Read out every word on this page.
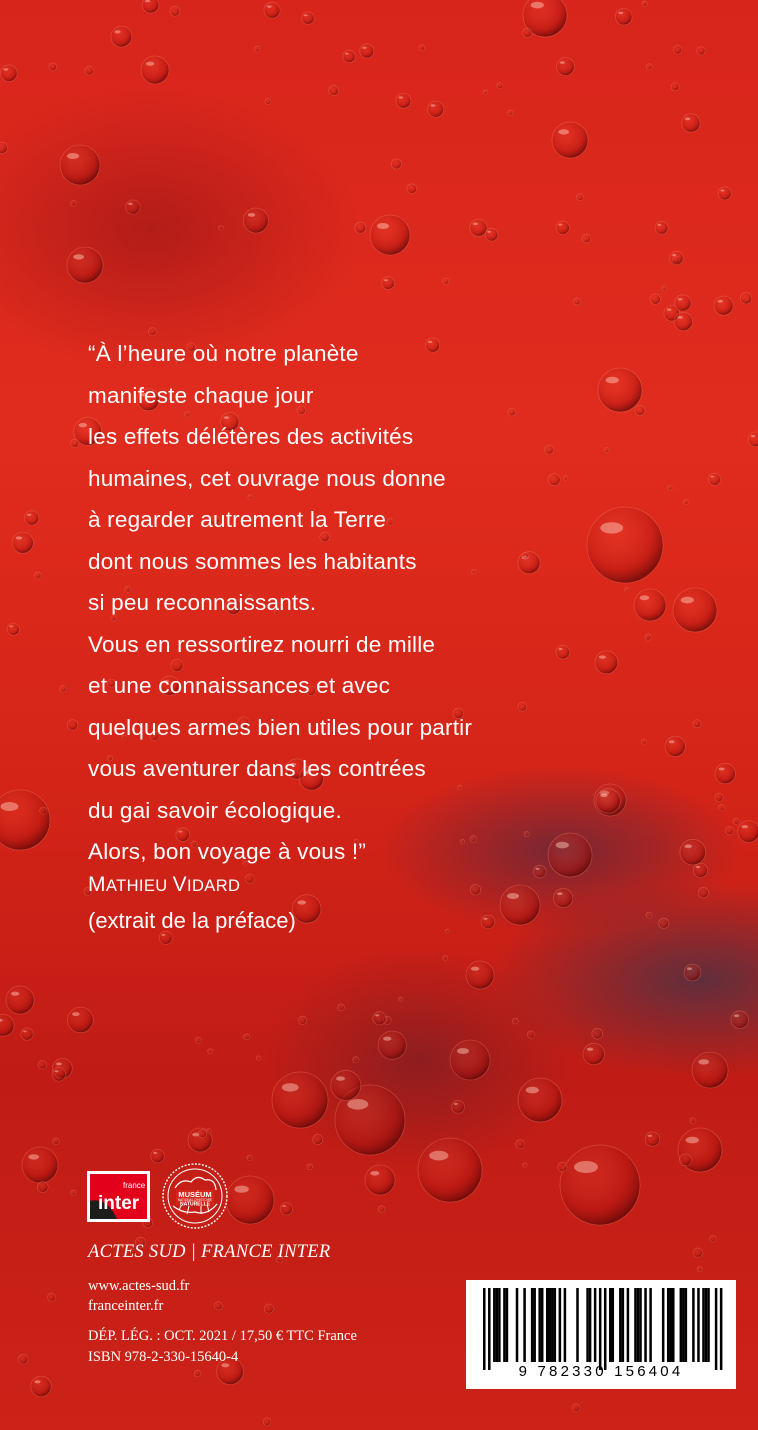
“À l’heure où notre planète
manifeste chaque jour
les effets délétères des activités
humaines, cet ouvrage nous donne
à regarder autrement la Terre
dont nous sommes les habitants
si peu reconnaissants.
Vous en ressortirez nourri de mille
et une connaissances et avec
quelques armes bien utiles pour partir
vous aventurer dans les contrées
du gai savoir écologique.
Alors, bon voyage à vous !”
MATHIEU VIDARD
(extrait de la préface)
france
inter	MUSÉUM
NATIONAL D'HISTOIRE
NATURELLE
ACTES SUD | FRANCE INTER
www.actes-sud.fr
franceinter.fr
DÉP. LÉG. : OCT. 2021 / 17,50 € TTC France
ISBN 978-2-330-15640-4
9 782330 156404
